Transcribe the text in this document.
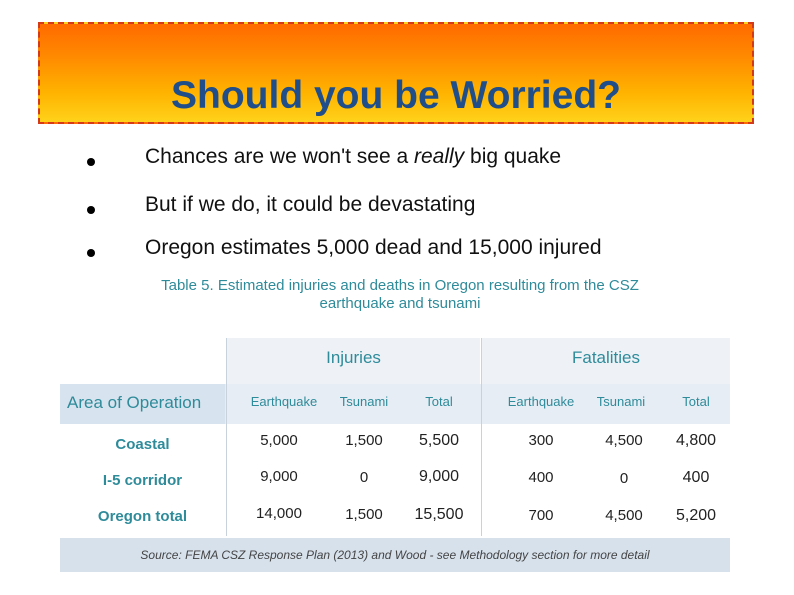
Should you be Worried?
Chances are we won't see a really big quake
But if we do, it could be devastating
Oregon estimates 5,000 dead and 15,000 injured
Table 5. Estimated injuries and deaths in Oregon resulting from the CSZ
earthquake and tsunami
Injuries	Fatalities
Area of Operation	Earthquake	Tsunami	Total	Earthquake	Tsunami	Total
Coastal	5,000	1,500	5,500	300	4,500	4,800
I-5 corridor	9,000	0	9,000	400	0	400
Oregon total	14,000	1,500	15,500	700	4,500	5,200
Source: FEMA CSZ Response Plan (2013) and Wood - see Methodology section for more detail
